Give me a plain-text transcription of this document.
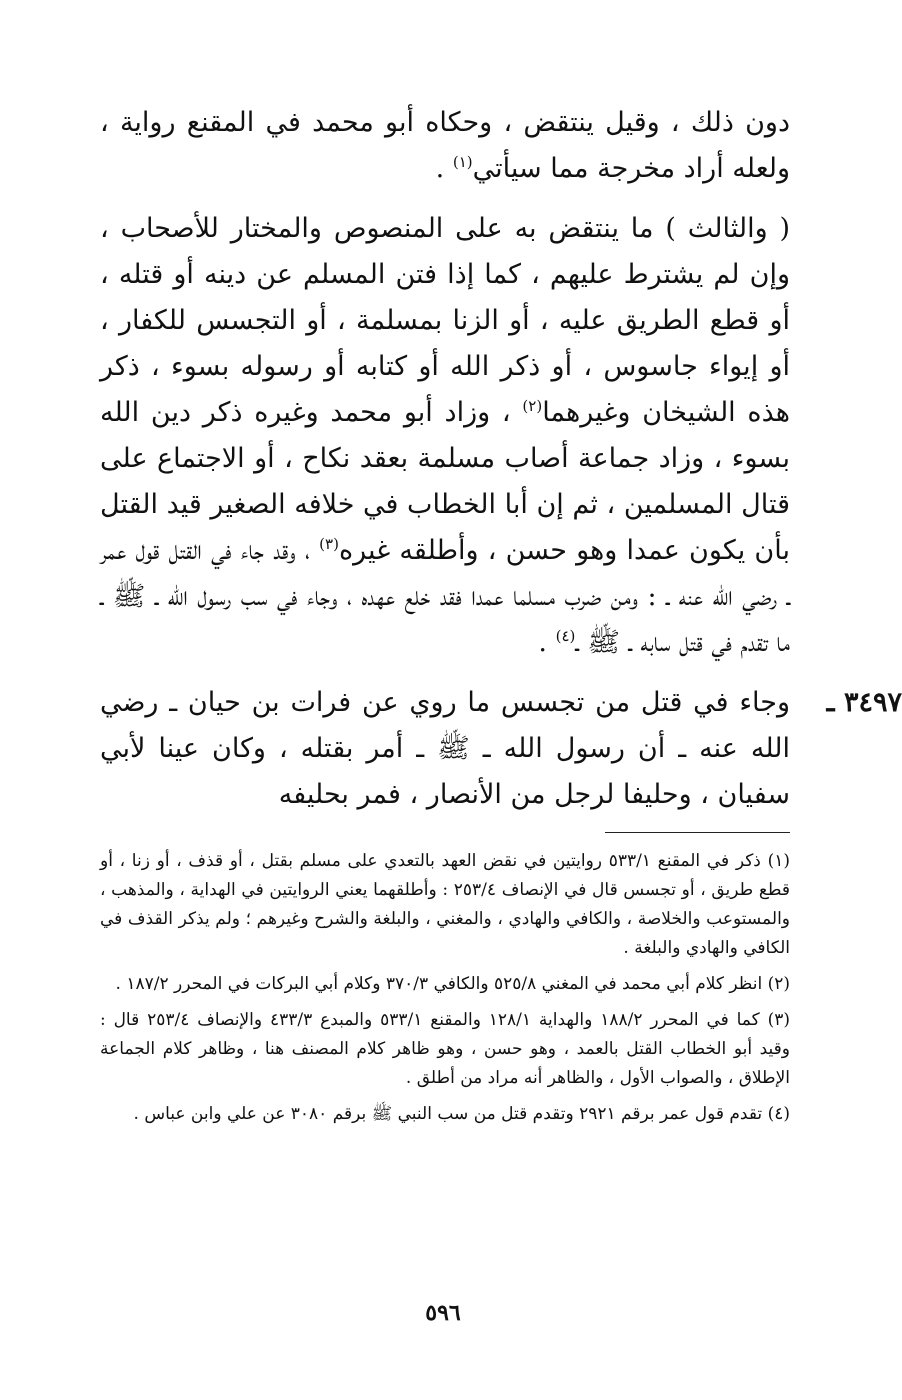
دون ذلك ، وقيل ينتقض ، وحكاه أبو محمد في المقنع رواية ، ولعله أراد مخرجة مما سيأتي$^{(١)}$ .

( والثالث ) ما ينتقض به على المنصوص والمختار للأصحاب ، وإن لم يشترط عليهم ، كما إذا فتن المسلم عن دينه أو قتله ، أو قطع الطريق عليه ، أو الزنا بمسلمة ، أو التجسس للكفار ، أو إيواء جاسوس ، أو ذكر الله أو كتابه أو رسوله بسوء ، ذكر هذه الشيخان وغيرهما$^{(٢)}$ ، وزاد أبو محمد وغيره ذكر دين الله بسوء ، وزاد جماعة أصاب مسلمة بعقد نكاح ، أو الاجتماع على قتال المسلمين ، ثم إن أبا الخطاب في خلافه الصغير قيد القتل بأن يكون عمدا وهو حسن ، وأطلقه غيره$^{(٣)}$ ، وقد جاء في القتل قول عمر ـ رضي الله عنه ـ : ومن ضرب مسلما عمدا فقد خلع عهده ، وجاء في سب رسول الله ـ ﷺ ـ ما تقدم في قتل سابه ـ ﷺ ـ$^{(٤)}$ .

٣٤٩٧ ـ
وجاء في قتل من تجسس ما روي عن فرات بن حيان ـ رضي الله عنه ـ أن رسول الله ـ ﷺ ـ أمر بقتله ، وكان عينا لأبي سفيان ، وحليفا لرجل من الأنصار ، فمر بحليفه

(١) ذكر في المقنع ٥٣٣/١ روايتين في نقض العهد بالتعدي على مسلم بقتل ، أو قذف ، أو زنا ، أو قطع طريق ، أو تجسس قال في الإنصاف ٢٥٣/٤ : وأطلقهما يعني الروايتين في الهداية ، والمذهب ، والمستوعب والخلاصة ، والكافي والهادي ، والمغني ، والبلغة والشرح وغيرهم ؛ ولم يذكر القذف في الكافي والهادي والبلغة .

(٢) انظر كلام أبي محمد في المغني ٥٢٥/٨ والكافي ٣٧٠/٣ وكلام أبي البركات في المحرر ١٨٧/٢ .

(٣) كما في المحرر ١٨٨/٢ والهداية ١٢٨/١ والمقنع ٥٣٣/١ والمبدع ٤٣٣/٣ والإنصاف ٢٥٣/٤ قال : وقيد أبو الخطاب القتل بالعمد ، وهو حسن ، وهو ظاهر كلام المصنف هنا ، وظاهر كلام الجماعة الإطلاق ، والصواب الأول ، والظاهر أنه مراد من أطلق .

(٤) تقدم قول عمر برقم ٢٩٢١ وتقدم قتل من سب النبي ﷺ برقم ٣٠٨٠ عن علي وابن عباس .

٥٩٦
